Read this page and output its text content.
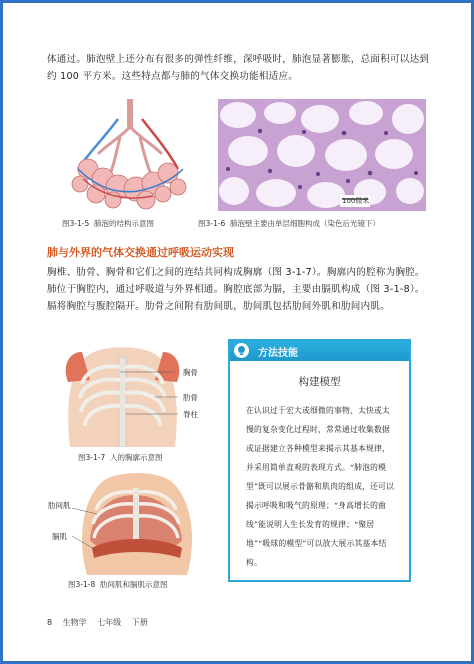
体通过。肺泡壁上还分布有很多的弹性纤维，深呼吸时，肺泡显著膨胀，总面积可以达到约 100 平方米。这些特点都与肺的气体交换功能相适应。
100微米
图3-1-5 肺泡的结构示意图	图3-1-6 肺泡壁主要由单层细胞构成（染色后光镜下）
肺与外界的气体交换通过呼吸运动实现
胸椎、肋骨、胸骨和它们之间的连结共同构成胸廓（图 3-1-7）。胸廓内的腔称为胸腔。肺位于胸腔内，通过呼吸道与外界相通。胸腔底部为膈，主要由膈肌构成（图 3-1-8）。膈将胸腔与腹腔隔开。肋骨之间附有肋间肌，肋间肌包括肋间外肌和肋间内肌。
胸骨
肋骨
脊柱
图3-1-7 人的胸廓示意图
肋间肌
膈肌
图3-1-8 肋间肌和膈肌示意图
方法技能
构建模型
在认识过于宏大或细微的事物、太快或太慢的复杂变化过程时，常常通过收集数据或证据建立各种模型来揭示其基本规律，并采用简单直观的表现方式。“肺泡的模型”既可以展示骨骼和肌肉的组成，还可以揭示呼吸和吸气的原理；“身高增长的曲线”能说明人生长发育的规律；“聚居地”“吸球的模型”可以放大展示其基本结构。
8 生物学 七年级 下册
